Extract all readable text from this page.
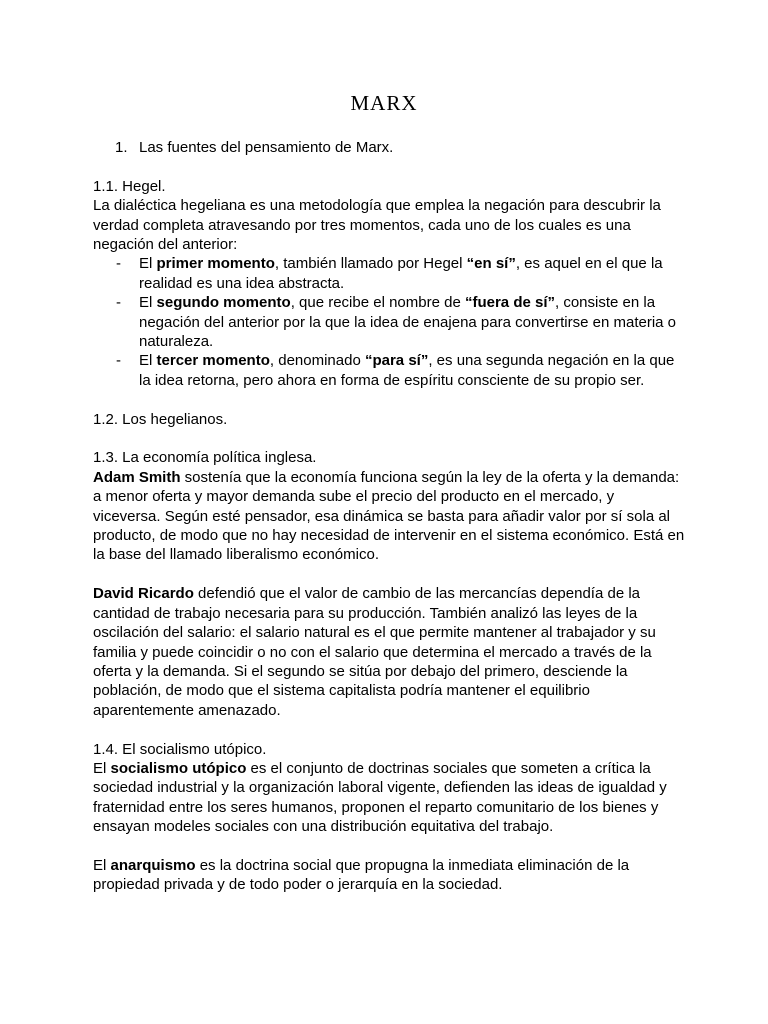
MARX
1. Las fuentes del pensamiento de Marx.

1.1. Hegel.

La dialéctica hegeliana es una metodología que emplea la negación para descubrir la verdad completa atravesando por tres momentos, cada uno de los cuales es una negación del anterior:

- El primer momento, también llamado por Hegel “en sí”, es aquel en el que la realidad es una idea abstracta.
- El segundo momento, que recibe el nombre de “fuera de sí”, consiste en la negación del anterior por la que la idea de enajena para convertirse en materia o naturaleza.
- El tercer momento, denominado “para sí”, es una segunda negación en la que la idea retorna, pero ahora en forma de espíritu consciente de su propio ser.

1.2. Los hegelianos.

1.3. La economía política inglesa.

Adam Smith sostenía que la economía funciona según la ley de la oferta y la demanda: a menor oferta y mayor demanda sube el precio del producto en el mercado, y viceversa. Según esté pensador, esa dinámica se basta para añadir valor por sí sola al producto, de modo que no hay necesidad de intervenir en el sistema económico. Está en la base del llamado liberalismo económico.

David Ricardo defendió que el valor de cambio de las mercancías dependía de la cantidad de trabajo necesaria para su producción. También analizó las leyes de la oscilación del salario: el salario natural es el que permite mantener al trabajador y su familia y puede coincidir o no con el salario que determina el mercado a través de la oferta y la demanda. Si el segundo se sitúa por debajo del primero, desciende la población, de modo que el sistema capitalista podría mantener el equilibrio aparentemente amenazado.

1.4. El socialismo utópico.

El socialismo utópico es el conjunto de doctrinas sociales que someten a crítica la sociedad industrial y la organización laboral vigente, defienden las ideas de igualdad y fraternidad entre los seres humanos, proponen el reparto comunitario de los bienes y ensayan modeles sociales con una distribución equitativa del trabajo.

El anarquismo es la doctrina social que propugna la inmediata eliminación de la propiedad privada y de todo poder o jerarquía en la sociedad.
